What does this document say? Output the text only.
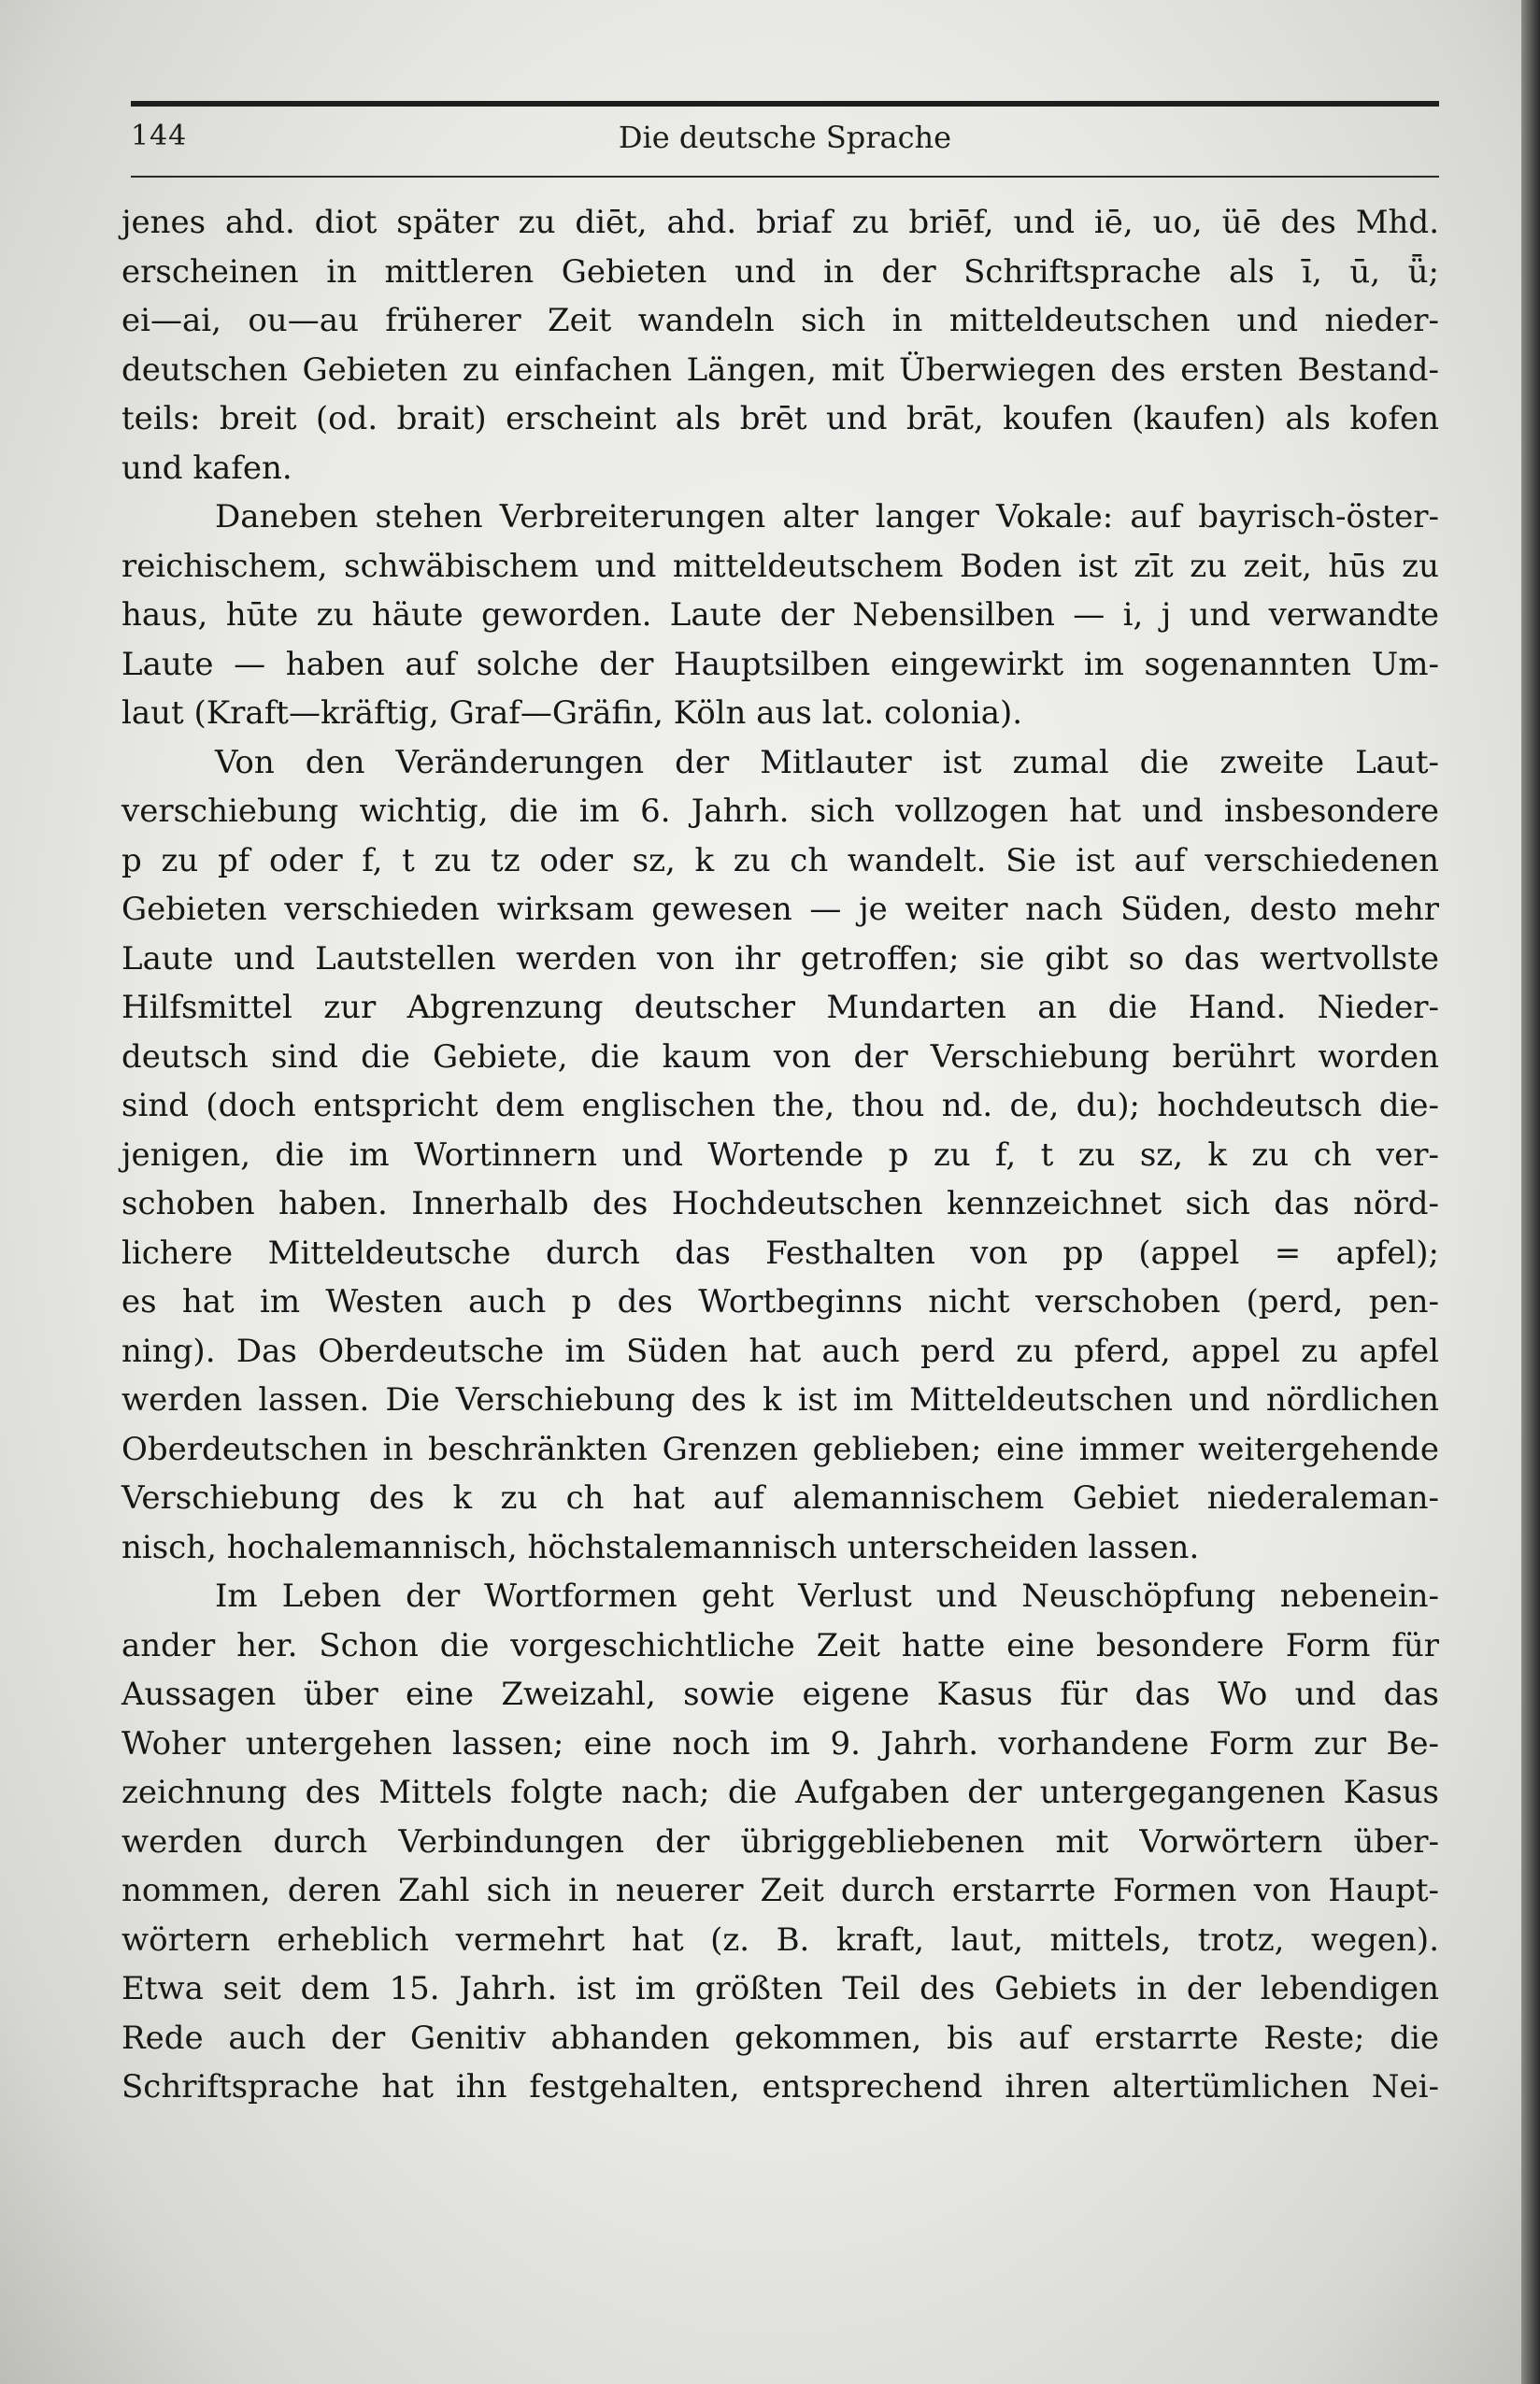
144	Die deutsche Sprache
jenes ahd. diot später zu diēt, ahd. briaf zu briēf, und iē, uo, üē des Mhd.
erscheinen in mittleren Gebieten und in der Schriftsprache als ī, ū, ǖ;
ei—ai, ou—au früherer Zeit wandeln sich in mitteldeutschen und nieder-
deutschen Gebieten zu einfachen Längen, mit Überwiegen des ersten Bestand-
teils: breit (od. brait) erscheint als brēt und brāt, koufen (kaufen) als kofen
und kafen.
Daneben stehen Verbreiterungen alter langer Vokale: auf bayrisch-öster-
reichischem, schwäbischem und mitteldeutschem Boden ist zīt zu zeit, hūs zu
haus, hūte zu häute geworden. Laute der Nebensilben — i, j und verwandte
Laute — haben auf solche der Hauptsilben eingewirkt im sogenannten Um-
laut (Kraft—kräftig, Graf—Gräfin, Köln aus lat. colonia).
Von den Veränderungen der Mitlauter ist zumal die zweite Laut-
verschiebung wichtig, die im 6. Jahrh. sich vollzogen hat und insbesondere
p zu pf oder f, t zu tz oder sz, k zu ch wandelt. Sie ist auf verschiedenen
Gebieten verschieden wirksam gewesen — je weiter nach Süden, desto mehr
Laute und Lautstellen werden von ihr getroffen; sie gibt so das wertvollste
Hilfsmittel zur Abgrenzung deutscher Mundarten an die Hand. Nieder-
deutsch sind die Gebiete, die kaum von der Verschiebung berührt worden
sind (doch entspricht dem englischen the, thou nd. de, du); hochdeutsch die-
jenigen, die im Wortinnern und Wortende p zu f, t zu sz, k zu ch ver-
schoben haben. Innerhalb des Hochdeutschen kennzeichnet sich das nörd-
lichere Mitteldeutsche durch das Festhalten von pp (appel = apfel);
es hat im Westen auch p des Wortbeginns nicht verschoben (perd, pen-
ning). Das Oberdeutsche im Süden hat auch perd zu pferd, appel zu apfel
werden lassen. Die Verschiebung des k ist im Mitteldeutschen und nördlichen
Oberdeutschen in beschränkten Grenzen geblieben; eine immer weitergehende
Verschiebung des k zu ch hat auf alemannischem Gebiet niederaleman-
nisch, hochalemannisch, höchstalemannisch unterscheiden lassen.
Im Leben der Wortformen geht Verlust und Neuschöpfung nebenein-
ander her. Schon die vorgeschichtliche Zeit hatte eine besondere Form für
Aussagen über eine Zweizahl, sowie eigene Kasus für das Wo und das
Woher untergehen lassen; eine noch im 9. Jahrh. vorhandene Form zur Be-
zeichnung des Mittels folgte nach; die Aufgaben der untergegangenen Kasus
werden durch Verbindungen der übriggebliebenen mit Vorwörtern über-
nommen, deren Zahl sich in neuerer Zeit durch erstarrte Formen von Haupt-
wörtern erheblich vermehrt hat (z. B. kraft, laut, mittels, trotz, wegen).
Etwa seit dem 15. Jahrh. ist im größten Teil des Gebiets in der lebendigen
Rede auch der Genitiv abhanden gekommen, bis auf erstarrte Reste; die
Schriftsprache hat ihn festgehalten, entsprechend ihren altertümlichen Nei-
